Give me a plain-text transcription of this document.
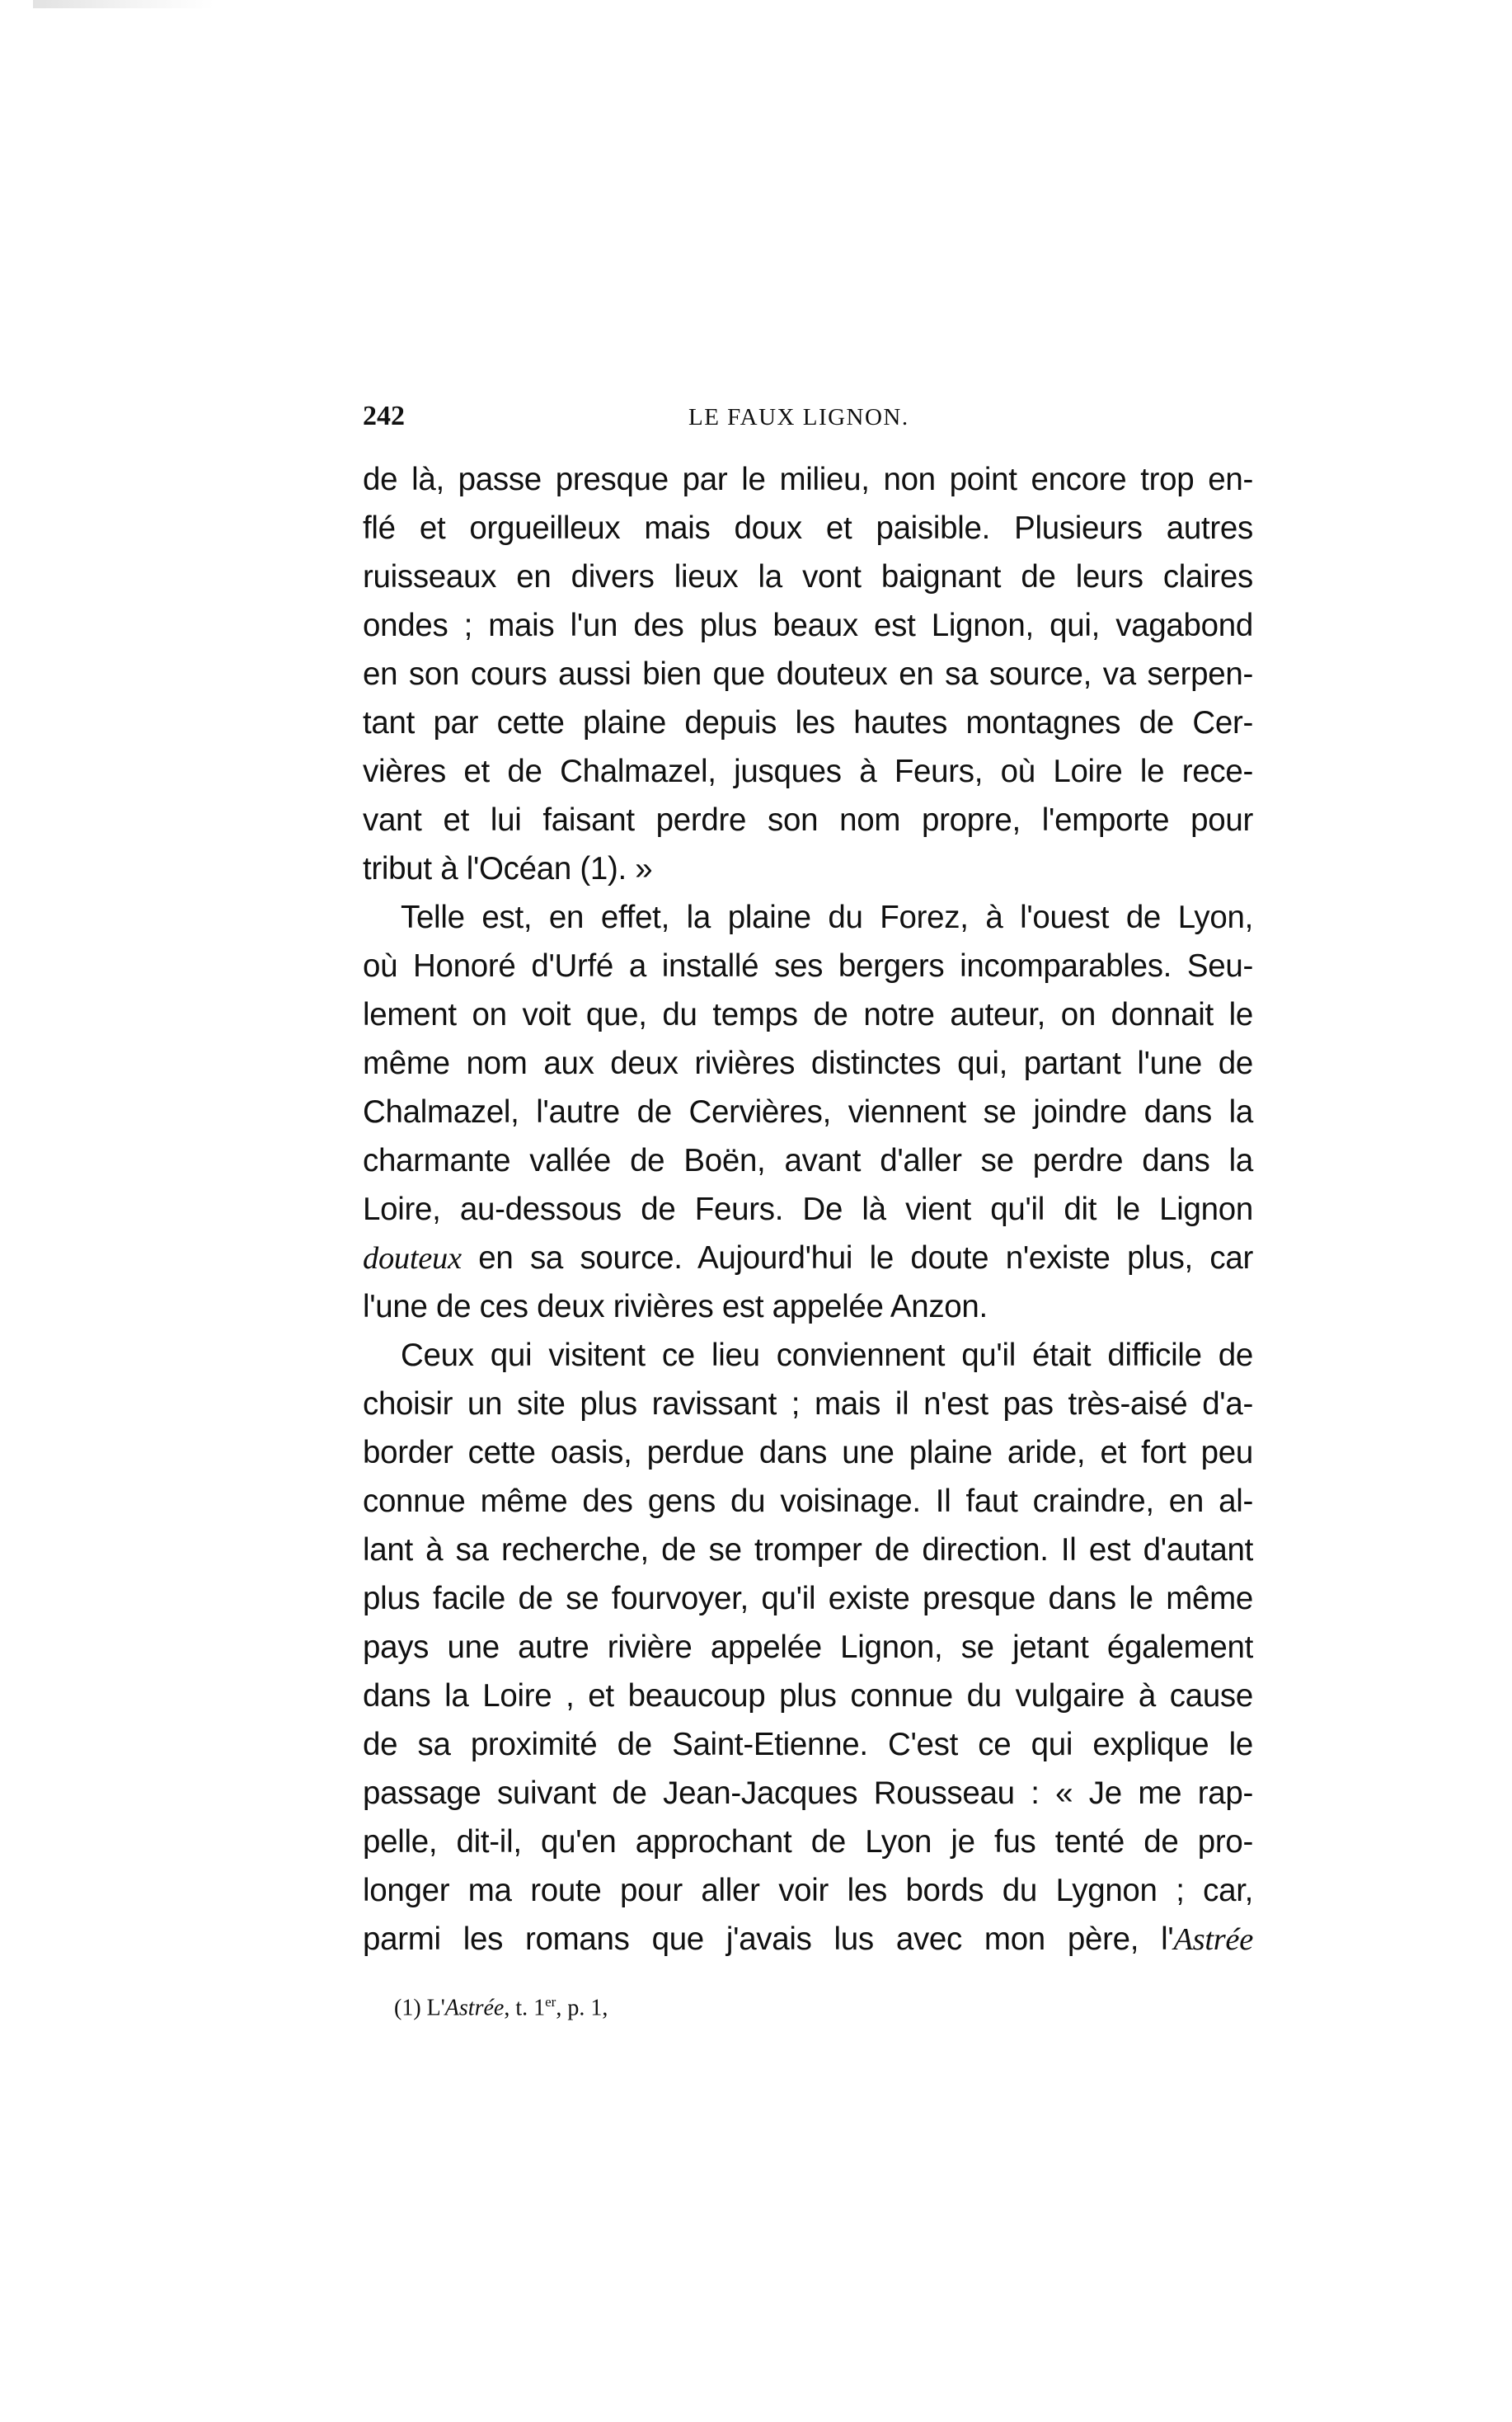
242	LE FAUX LIGNON.
de là, passe presque par le milieu, non point encore trop en-
flé et orgueilleux mais doux et paisible. Plusieurs autres
ruisseaux en divers lieux la vont baignant de leurs claires
ondes ; mais l'un des plus beaux est Lignon, qui, vagabond
en son cours aussi bien que douteux en sa source, va serpen-
tant par cette plaine depuis les hautes montagnes de Cer-
vières et de Chalmazel, jusques à Feurs, où Loire le rece-
vant et lui faisant perdre son nom propre, l'emporte pour
tribut à l'Océan (1). »
Telle est, en effet, la plaine du Forez, à l'ouest de Lyon,
où Honoré d'Urfé a installé ses bergers incomparables. Seu-
lement on voit que, du temps de notre auteur, on donnait le
même nom aux deux rivières distinctes qui, partant l'une de
Chalmazel, l'autre de Cervières, viennent se joindre dans la
charmante vallée de Boën, avant d'aller se perdre dans la
Loire, au-dessous de Feurs. De là vient qu'il dit le Lignon
douteux en sa source. Aujourd'hui le doute n'existe plus, car
l'une de ces deux rivières est appelée Anzon.
Ceux qui visitent ce lieu conviennent qu'il était difficile de
choisir un site plus ravissant ; mais il n'est pas très-aisé d'a-
border cette oasis, perdue dans une plaine aride, et fort peu
connue même des gens du voisinage. Il faut craindre, en al-
lant à sa recherche, de se tromper de direction. Il est d'autant
plus facile de se fourvoyer, qu'il existe presque dans le même
pays une autre rivière appelée Lignon, se jetant également
dans la Loire , et beaucoup plus connue du vulgaire à cause
de sa proximité de Saint-Etienne. C'est ce qui explique le
passage suivant de Jean-Jacques Rousseau : « Je me rap-
pelle, dit-il, qu'en approchant de Lyon je fus tenté de pro-
longer ma route pour aller voir les bords du Lygnon ; car,
parmi les romans que j'avais lus avec mon père, l'Astrée
(1) L'Astrée, t. 1er, p. 1,
